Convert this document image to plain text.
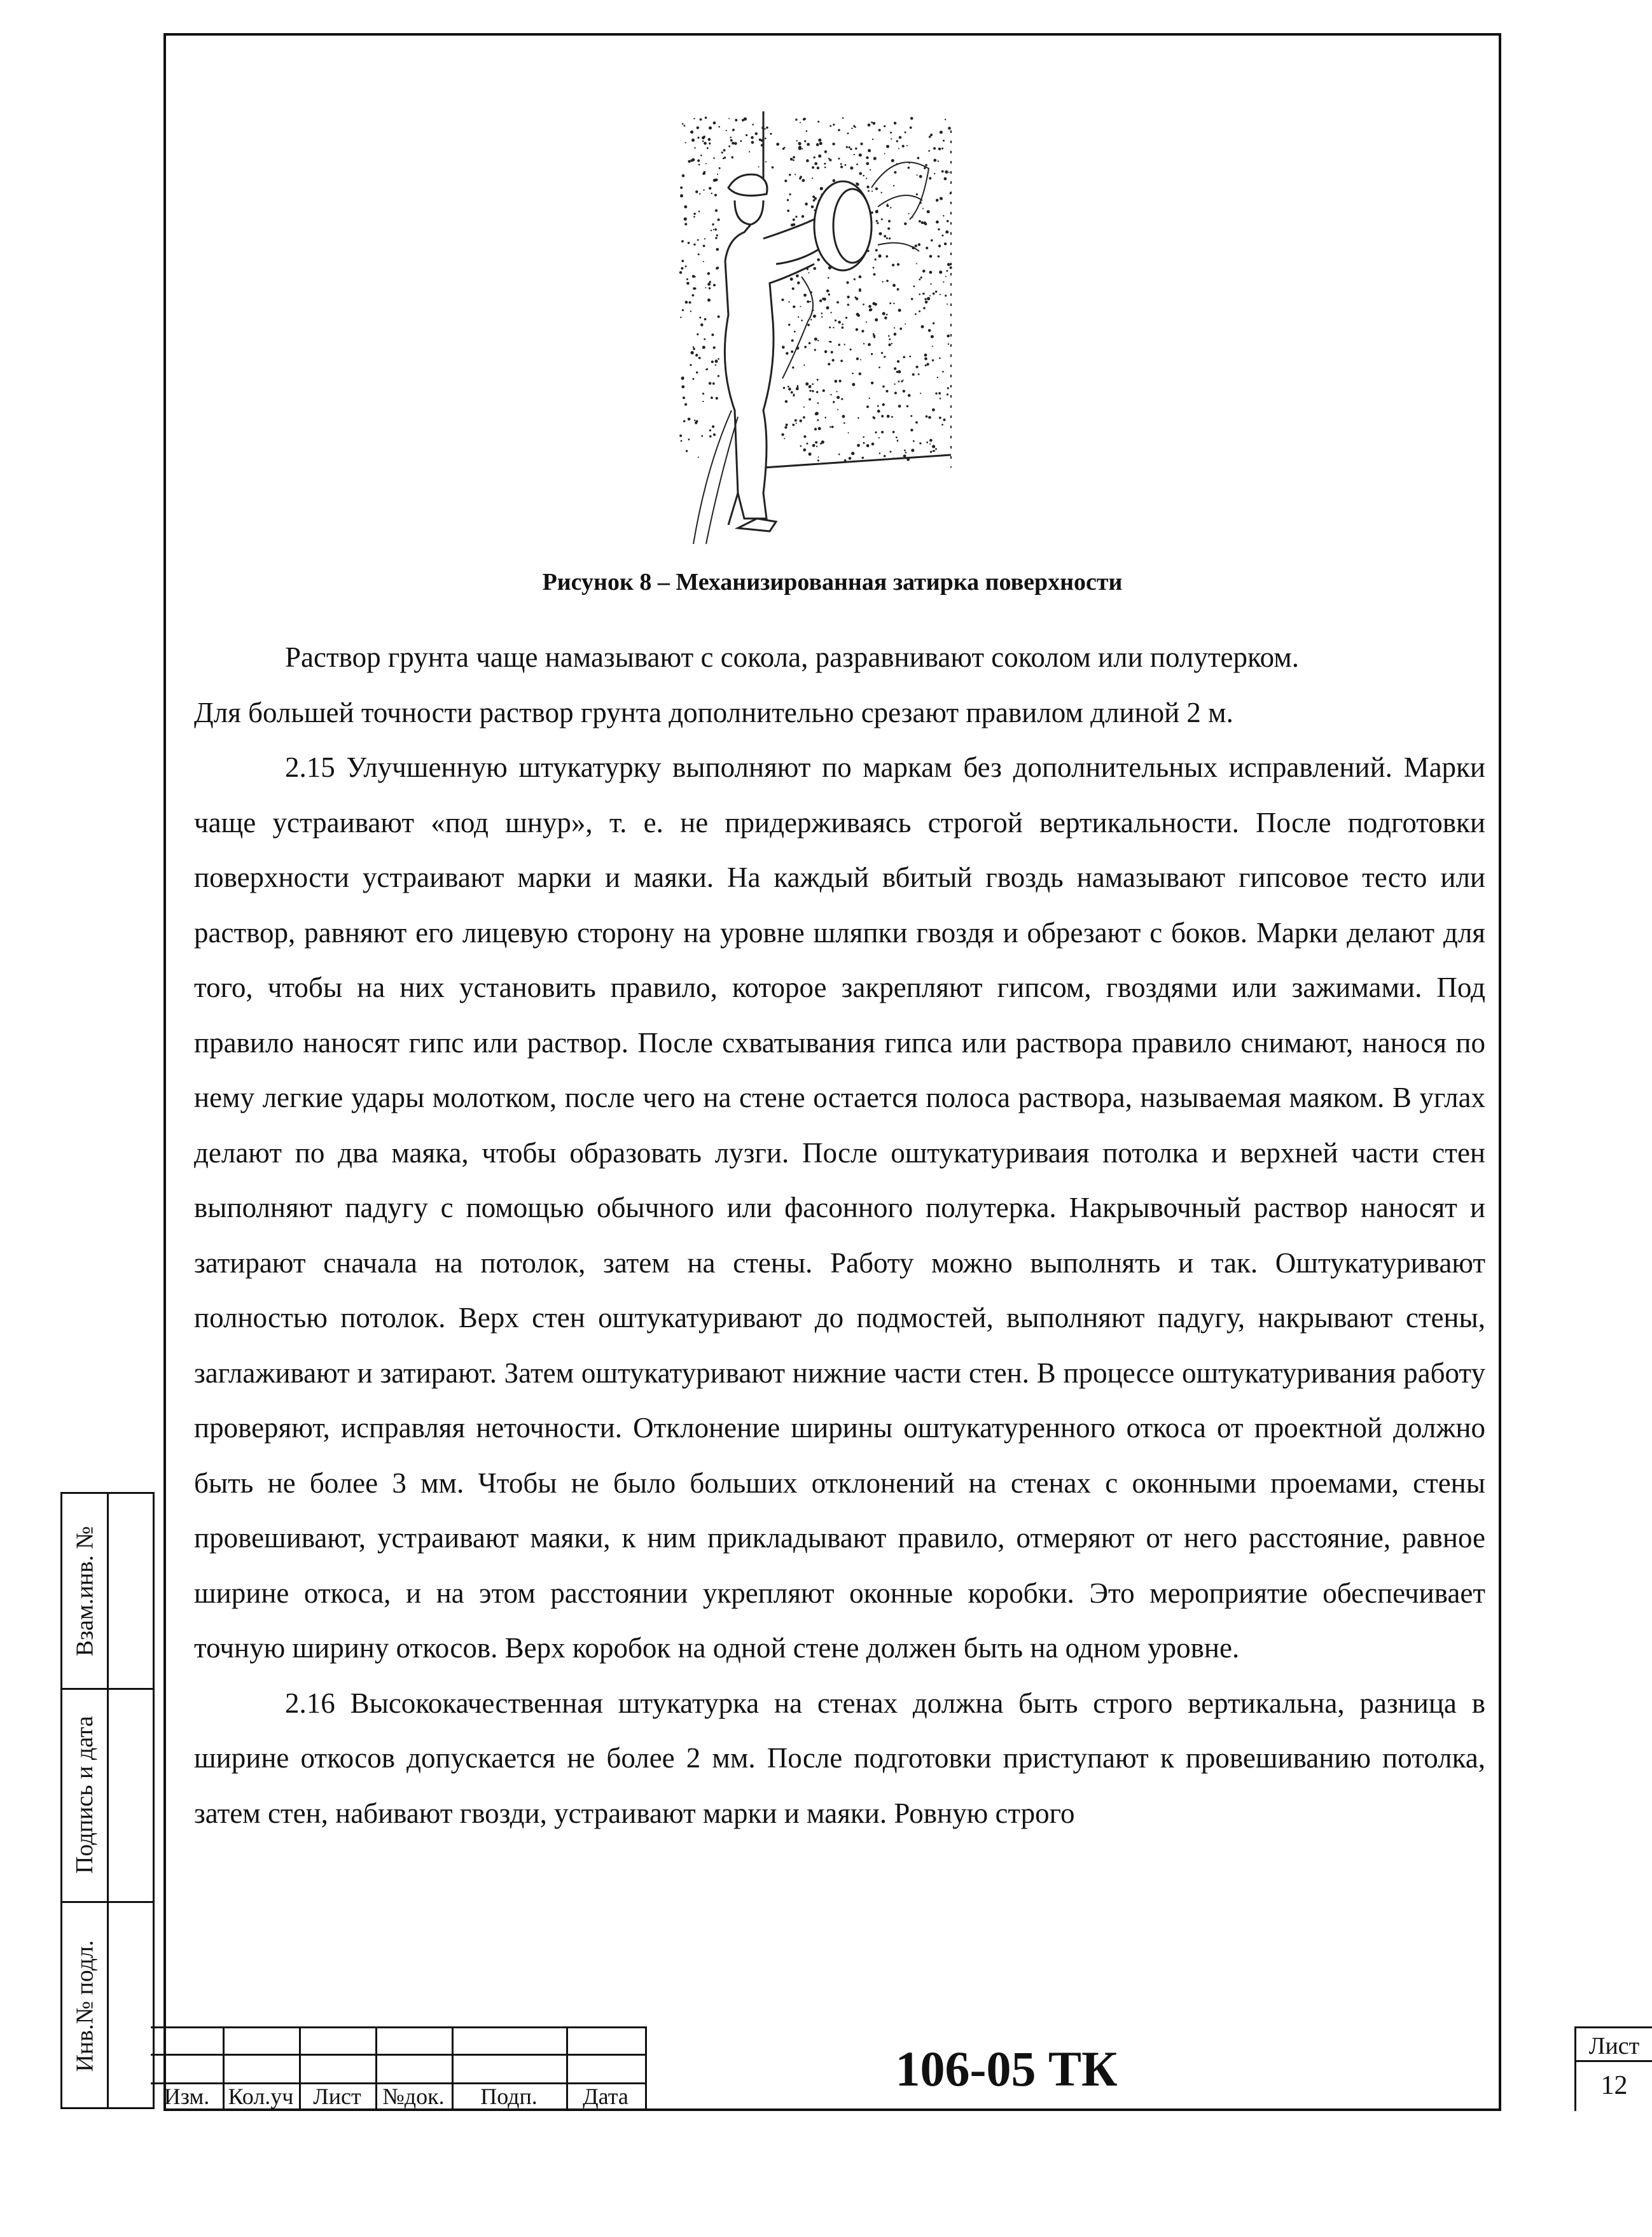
Рисунок 8 – Механизированная затирка поверхности

Раствор грунта чаще намазывают с сокола, разравнивают соколом или полутерком.

Для большей точности раствор грунта дополнительно срезают правилом длиной 2 м.

2.15 Улучшенную штукатурку выполняют по маркам без дополнительных исправлений. Марки чаще устраивают «под шнур», т. е. не придерживаясь строгой вертикальности. После подготовки поверхности устраивают марки и маяки. На каждый вбитый гвоздь намазывают гипсовое тесто или раствор, равняют его лицевую сторону на уровне шляпки гвоздя и обрезают с боков. Марки делают для того, чтобы на них установить правило, которое закрепляют гипсом, гвоздями или зажимами. Под правило наносят гипс или раствор. После схватывания гипса или раствора правило снимают, нанося по нему легкие удары молотком, после чего на стене остается полоса раствора, называемая маяком. В углах делают по два маяка, чтобы образовать лузги. После оштукатуриваия потолка и верхней части стен выполняют падугу с помощью обычного или фасонного полутерка. Накрывочный раствор наносят и затирают сначала на потолок, затем на стены. Работу можно выполнять и так. Оштукатуривают полностью потолок. Верх стен оштукатуривают до подмостей, выполняют падугу, накрывают стены, заглаживают и затирают. Затем оштукатуривают нижние части стен. В процессе оштукатуривания работу проверяют, исправляя неточности. Отклонение ширины оштукатуренного откоса от проектной должно быть не более 3 мм. Чтобы не было больших отклонений на стенах с оконными проемами, стены провешивают, устраивают маяки, к ним прикладывают правило, отмеряют от него расстояние, равное ширине откоса, и на этом расстоянии укрепляют оконные коробки. Это мероприятие обеспечивает точную ширину откосов. Верх коробок на одной стене должен быть на одном уровне.

2.16 Высококачественная штукатурка на стенах должна быть строго вертикальна, разница в ширине откосов допускается не более 2 мм. После подготовки приступают к провешиванию потолка, затем стен, набивают гвозди, устраивают марки и маяки. Ровную строго

Взам.инв. №
Подпись и дата
Инв.№ подл.
Изм. Кол.уч Лист №док.	Подп.	Дата
106-05 ТК	Лист
12
